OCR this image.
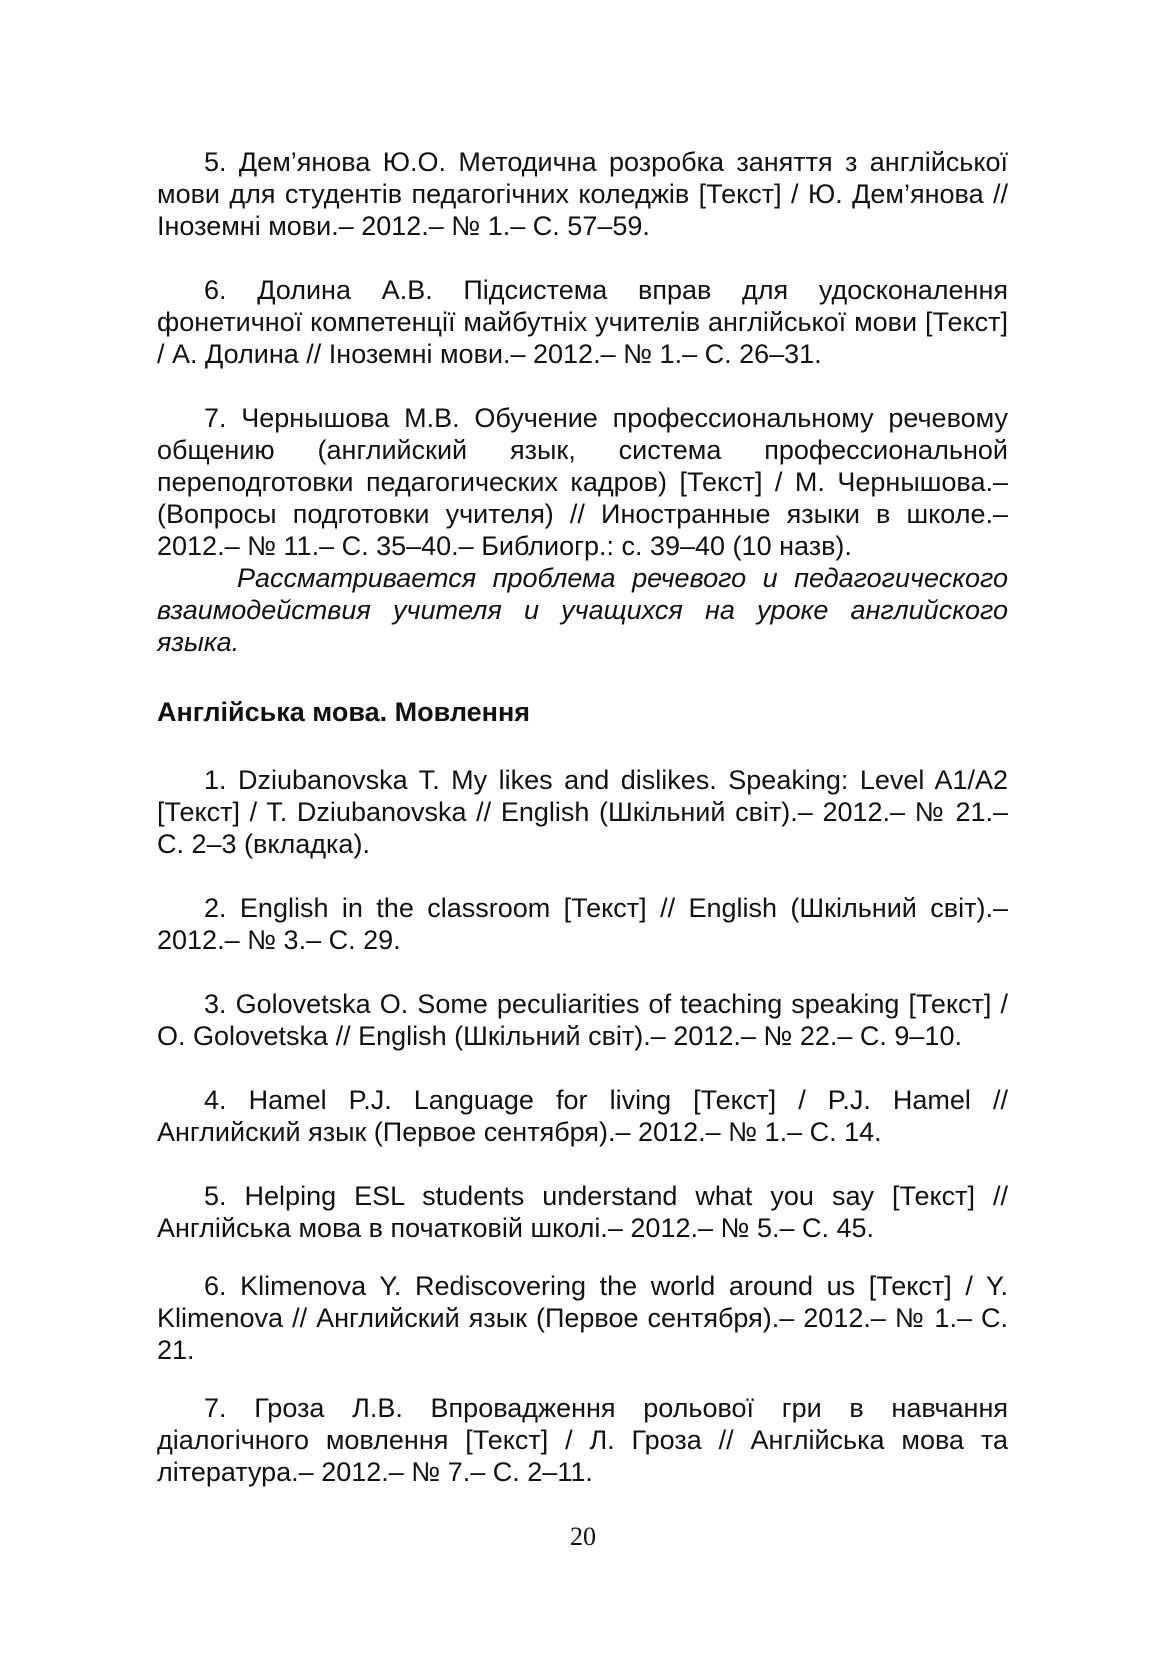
5. Дем’янова Ю.О. Методична розробка заняття з англійської мови для студентів педагогічних коледжів [Текст] / Ю. Дем’янова // Іноземні мови.– 2012.– № 1.– С. 57–59.

6. Долина А.В. Підсистема вправ для удосконалення фонетичної компетенції майбутніх учителів англійської мови [Текст] / А. Долина // Іноземні мови.– 2012.– № 1.– С. 26–31.

7. Чернышова М.В. Обучение профессиональному речевому общению (английский язык, система профессиональной переподготовки педагогических кадров) [Текст] / М. Чернышова.– (Вопросы подготовки учителя) // Иностранные языки в школе.– 2012.– № 11.– С. 35–40.– Библиогр.: с. 39–40 (10 назв).

Рассматривается проблема речевого и педагогического взаимодействия учителя и учащихся на уроке английского языка.

Англійська мова. Мовлення

1. Dziubanovska T. My likes and dislikes. Speaking: Level A1/A2 [Текст] / T. Dziubanovska // English (Шкільний світ).– 2012.– № 21.– С. 2–3 (вкладка).

2. English in the classroom [Текст] // English (Шкільний світ).– 2012.– № 3.– С. 29.

3. Golovetska O. Some peculiarities of teaching speaking [Текст] / O. Golovetska // English (Шкільний світ).– 2012.– № 22.– С. 9–10.

4. Hamel P.J. Language for living [Текст] / P.J. Hamel // Английский язык (Первое сентября).– 2012.– № 1.– С. 14.

5. Helping ESL students understand what you say [Текст] // Англійська мова в початковій школі.– 2012.– № 5.– С. 45.

6. Klimenova Y. Rediscovering the world around us [Текст] / Y. Klimenova // Английский язык (Первое сентября).– 2012.– № 1.– С. 21.

7. Гроза Л.В. Впровадження рольової гри в навчання діалогічного мовлення [Текст] / Л. Гроза // Англійська мова та література.– 2012.– № 7.– С. 2–11.

20
